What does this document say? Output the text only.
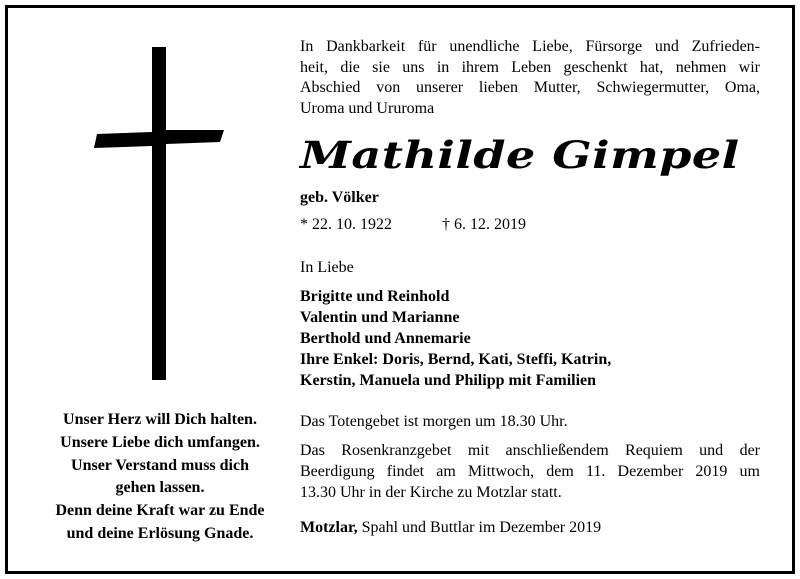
Unser Herz will Dich halten.
Unsere Liebe dich umfangen.
Unser Verstand muss dich
gehen lassen.
Denn deine Kraft war zu Ende
und deine Erlösung Gnade.
In Dankbarkeit für unendliche Liebe, Fürsorge und Zufrieden-
heit, die sie uns in ihrem Leben geschenkt hat, nehmen wir
Abschied von unserer lieben Mutter, Schwiegermutter, Oma,
Uroma und Ururoma
Mathilde Gimpel
geb. Völker
* 22. 10. 1922	† 6. 12. 2019
In Liebe
Brigitte und Reinhold
Valentin und Marianne
Berthold und Annemarie
Ihre Enkel: Doris, Bernd, Kati, Steffi, Katrin,
Kerstin, Manuela und Philipp mit Familien
Das Totengebet ist morgen um 18.30 Uhr.
Das Rosenkranzgebet mit anschließendem Requiem und der
Beerdigung findet am Mittwoch, dem 11. Dezember 2019 um
13.30 Uhr in der Kirche zu Motzlar statt.
Motzlar, Spahl und Buttlar im Dezember 2019
